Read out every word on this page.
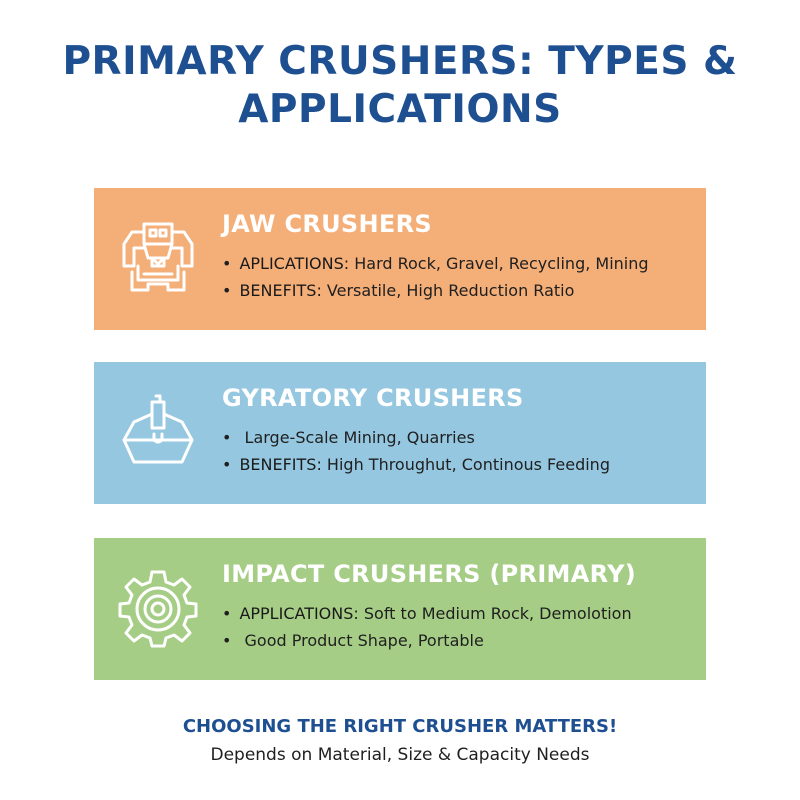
PRIMARY CRUSHERS: TYPES &
APPLICATIONS
JAW CRUSHERS
• APLICATIONS: Hard Rock, Gravel, Recycling, Mining
• BENEFITS: Versatile, High Reduction Ratio
GYRATORY CRUSHERS
• Large-Scale Mining, Quarries
• BENEFITS: High Throughut, Continous Feeding
IMPACT CRUSHERS (PRIMARY)
• APPLICATIONS: Soft to Medium Rock, Demolotion
• Good Product Shape, Portable
CHOOSING THE RIGHT CRUSHER MATTERS!
Depends on Material, Size & Capacity Needs
